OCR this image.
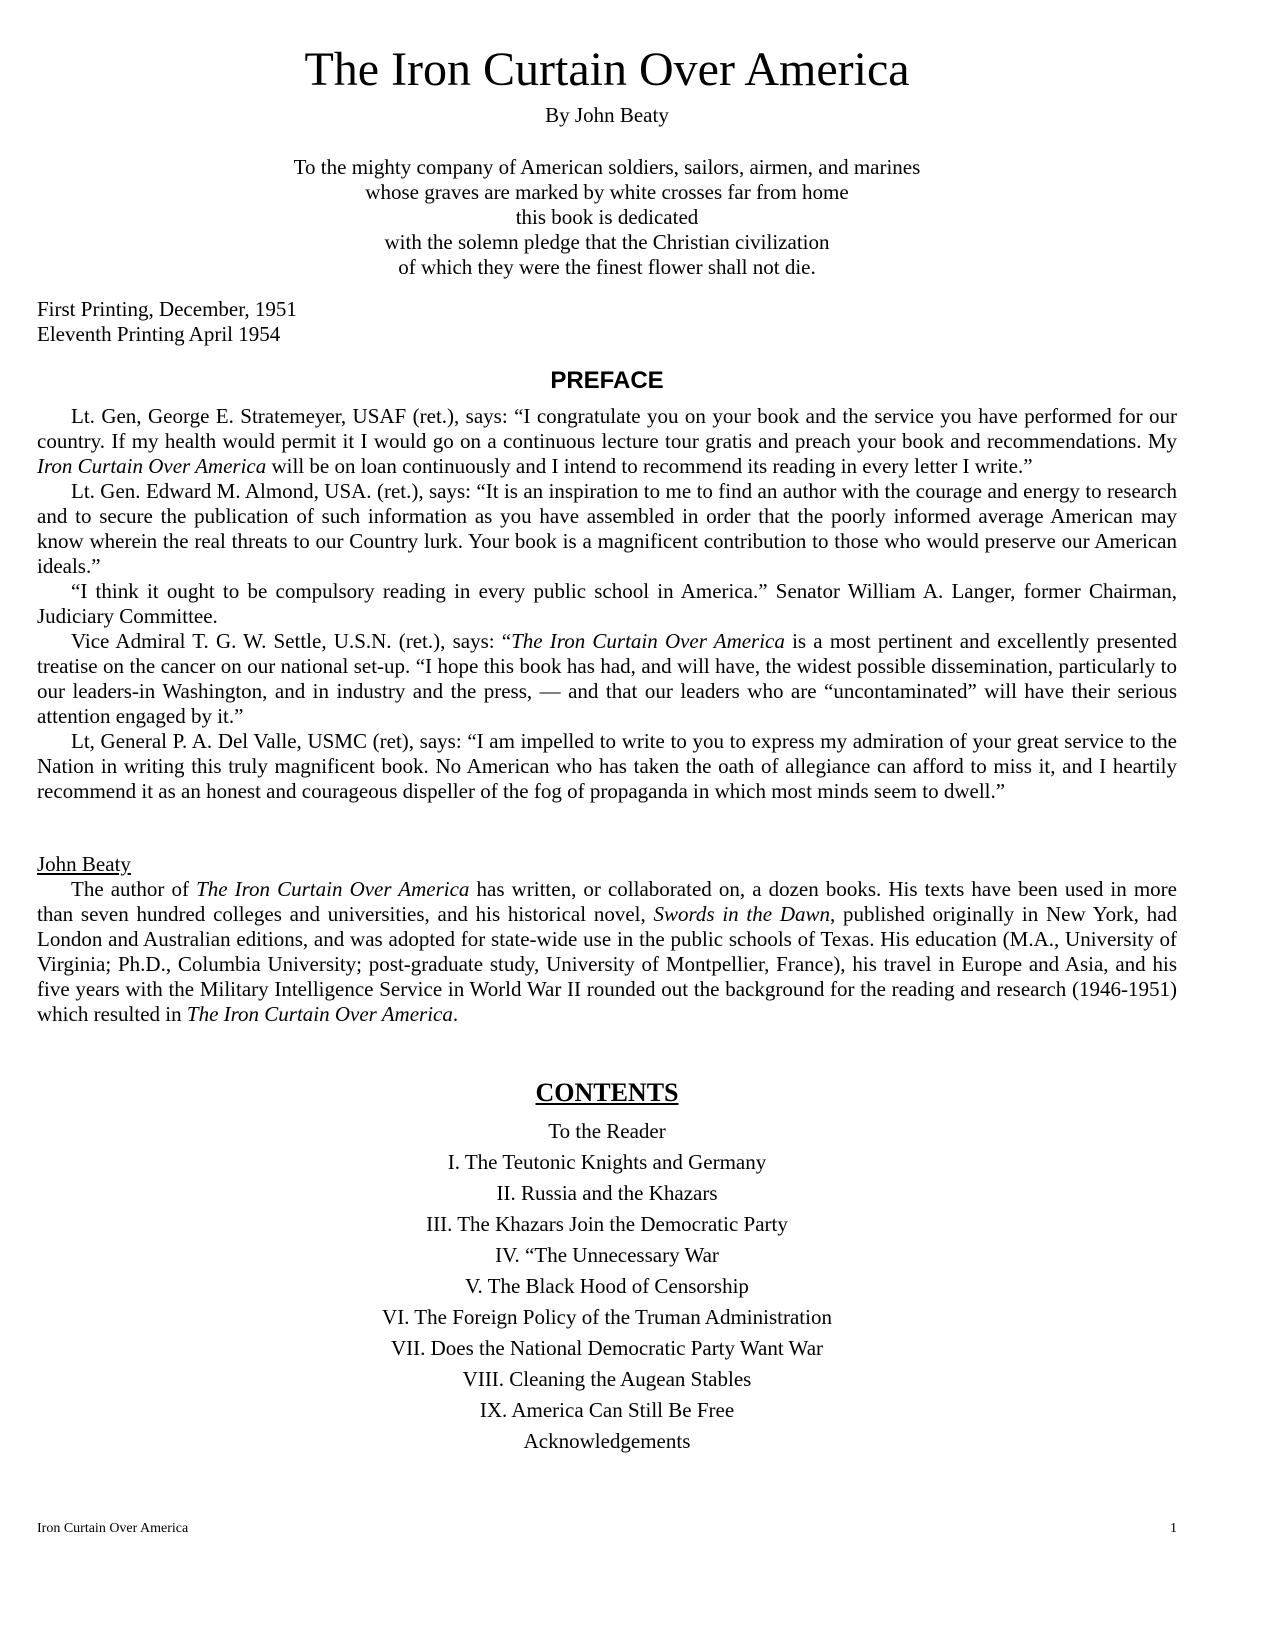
The Iron Curtain Over America
By John Beaty
To the mighty company of American soldiers, sailors, airmen, and marines
whose graves are marked by white crosses far from home
this book is dedicated
with the solemn pledge that the Christian civilization
of which they were the finest flower shall not die.
First Printing, December, 1951
Eleventh Printing April 1954
PREFACE

Lt. Gen, George E. Stratemeyer, USAF (ret.), says: “I congratulate you on your book and the service you have performed for our country. If my health would permit it I would go on a continuous lecture tour gratis and preach your book and recommendations. My Iron Curtain Over America will be on loan continuously and I intend to recommend its reading in every letter I write.”

Lt. Gen. Edward M. Almond, USA. (ret.), says: “It is an inspiration to me to find an author with the courage and energy to research and to secure the publication of such information as you have assembled in order that the poorly informed average American may know wherein the real threats to our Country lurk. Your book is a magnificent contribution to those who would preserve our American ideals.”

“I think it ought to be compulsory reading in every public school in America.” Senator William A. Langer, former Chairman, Judiciary Committee.

Vice Admiral T. G. W. Settle, U.S.N. (ret.), says: “The Iron Curtain Over America is a most pertinent and excellently presented treatise on the cancer on our national set-up. “I hope this book has had, and will have, the widest possible dissemination, particularly to our leaders-in Washington, and in industry and the press, — and that our leaders who are “uncontaminated” will have their serious attention engaged by it.”

Lt, General P. A. Del Valle, USMC (ret), says: “I am impelled to write to you to express my admiration of your great service to the Nation in writing this truly magnificent book. No American who has taken the oath of allegiance can afford to miss it, and I heartily recommend it as an honest and courageous dispeller of the fog of propaganda in which most minds seem to dwell.”

John Beaty

The author of The Iron Curtain Over America has written, or collaborated on, a dozen books. His texts have been used in more than seven hundred colleges and universities, and his historical novel, Swords in the Dawn, published originally in New York, had London and Australian editions, and was adopted for state-wide use in the public schools of Texas. His education (M.A., University of Virginia; Ph.D., Columbia University; post-graduate study, University of Montpellier, France), his travel in Europe and Asia, and his five years with the Military Intelligence Service in World War II rounded out the background for the reading and research (1946-1951) which resulted in The Iron Curtain Over America.

CONTENTS
To the Reader
I. The Teutonic Knights and Germany
II. Russia and the Khazars
III. The Khazars Join the Democratic Party
IV. “The Unnecessary War
V. The Black Hood of Censorship
VI. The Foreign Policy of the Truman Administration
VII. Does the National Democratic Party Want War
VIII. Cleaning the Augean Stables
IX. America Can Still Be Free
Acknowledgements
Iron Curtain Over America	1
